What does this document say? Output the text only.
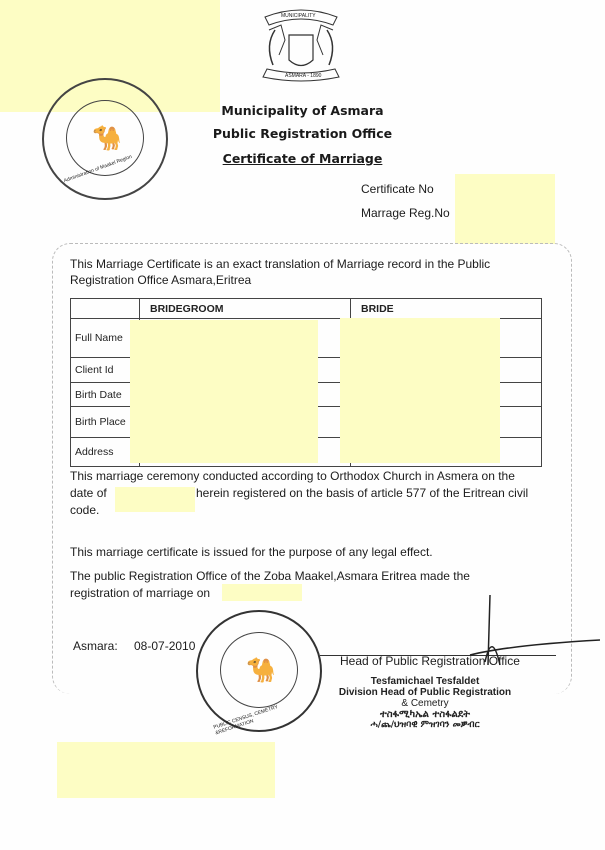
🐪
Administration of Maakel Region
MUNICIPALITY
ASMARA - 1890
Municipality of Asmara
Public Registration Office
Certificate of Marriage
Certificate No
Marrage Reg.No
This Marriage Certificate is an exact translation of Marriage record in the Public Registration Office Asmara,Eritrea
	BRIDEGROOM	BRIDE
Full Name		
Client Id		
Birth Date		
Birth Place		
Address		
This marriage ceremony conducted according to Orthodox Church in Asmera on the
date of	herein registered on the basis of article 577 of the Eritrean civil
code.
This marriage certificate is issued for the purpose of any legal effect.
The public Registration Office of the Zoba Maakel,Asmara Eritrea made the
registration of marriage on
Asmara: 08-07-2010
🐪
PUBLIC CENSUS, CEMETRY &REFORMATION
Head of Public Registration Office
Tesfamichael Tesfaldet
Division Head of Public Registration
& Cemetry
ተስፋሚካኤል ተስፋልደት
ሓ/ጨ/ህዝባዊ ምዝገባን መቓብር
